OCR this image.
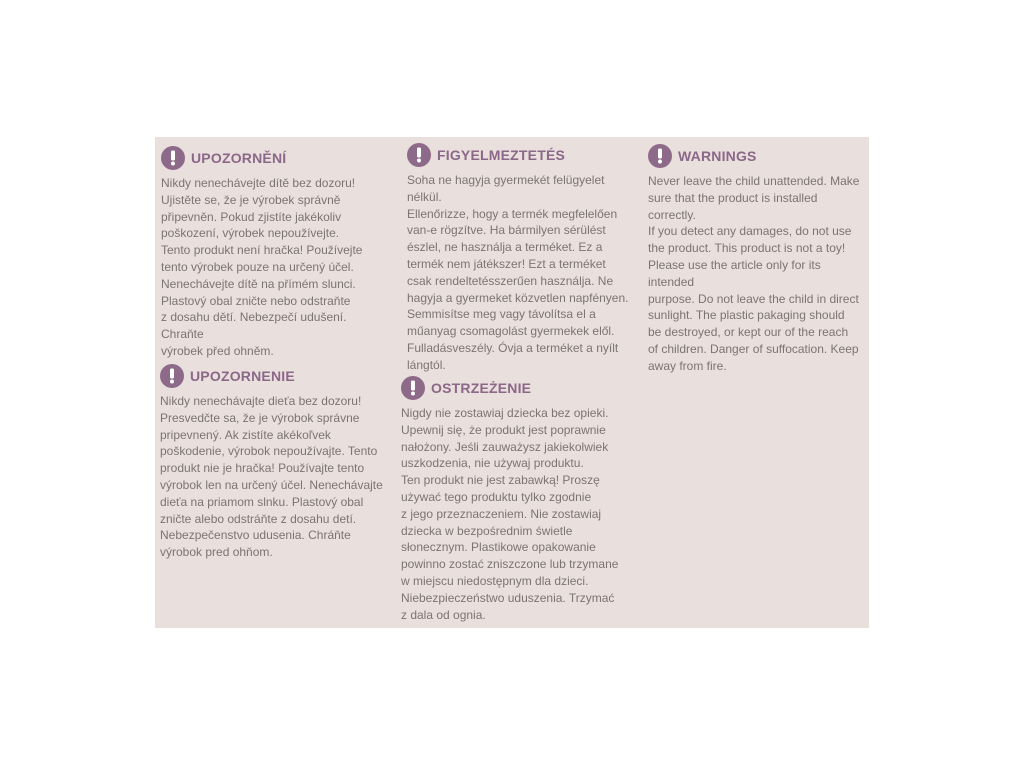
UPOZORNĚNÍ
Nikdy nenechávejte dítě bez dozoru!
Ujistěte se, že je výrobek správně
připevněn. Pokud zjistíte jakékoliv
poškození, výrobek nepoužívejte.
Tento produkt není hračka! Používejte
tento výrobek pouze na určený účel.
Nenechávejte dítě na přímém slunci.
Plastový obal zničte nebo odstraňte
z dosahu dětí. Nebezpečí udušení. Chraňte
výrobek před ohněm.
UPOZORNENIE
Nikdy nenechávajte dieťa bez dozoru!
Presvedčte sa, že je výrobok správne
pripevnený. Ak zistíte akékoľvek
poškodenie, výrobok nepoužívajte. Tento
produkt nie je hračka! Používajte tento
výrobok len na určený účel. Nenechávajte
dieťa na priamom slnku. Plastový obal
zničte alebo odstráňte z dosahu detí.
Nebezpečenstvo udusenia. Chráňte
výrobok pred ohňom.
FIGYELMEZTETÉS
Soha ne hagyja gyermekét felügyelet nélkül.
Ellenőrizze, hogy a termék megfelelően
van-e rögzítve. Ha bármilyen sérülést
észlel, ne használja a terméket. Ez a
termék nem játékszer! Ezt a terméket
csak rendeltetésszerűen használja. Ne
hagyja a gyermeket közvetlen napfényen.
Semmisítse meg vagy távolítsa el a
műanyag csomagolást gyermekek elől.
Fulladásveszély. Óvja a terméket a nyílt
lángtól.
OSTRZEŻENIE
Nigdy nie zostawiaj dziecka bez opieki.
Upewnij się, że produkt jest poprawnie
nałożony. Jeśli zauważysz jakiekolwiek
uszkodzenia, nie używaj produktu.
Ten produkt nie jest zabawką! Proszę
używać tego produktu tylko zgodnie
z jego przeznaczeniem. Nie zostawiaj
dziecka w bezpośrednim świetle
słonecznym. Plastikowe opakowanie
powinno zostać zniszczone lub trzymane
w miejscu niedostępnym dla dzieci.
Niebezpieczeństwo uduszenia. Trzymać
z dala od ognia.
WARNINGS
Never leave the child unattended. Make
sure that the product is installed correctly.
If you detect any damages, do not use
the product. This product is not a toy!
Please use the article only for its intended
purpose. Do not leave the child in direct
sunlight. The plastic pakaging should
be destroyed, or kept our of the reach
of children. Danger of suffocation. Keep
away from fire.
